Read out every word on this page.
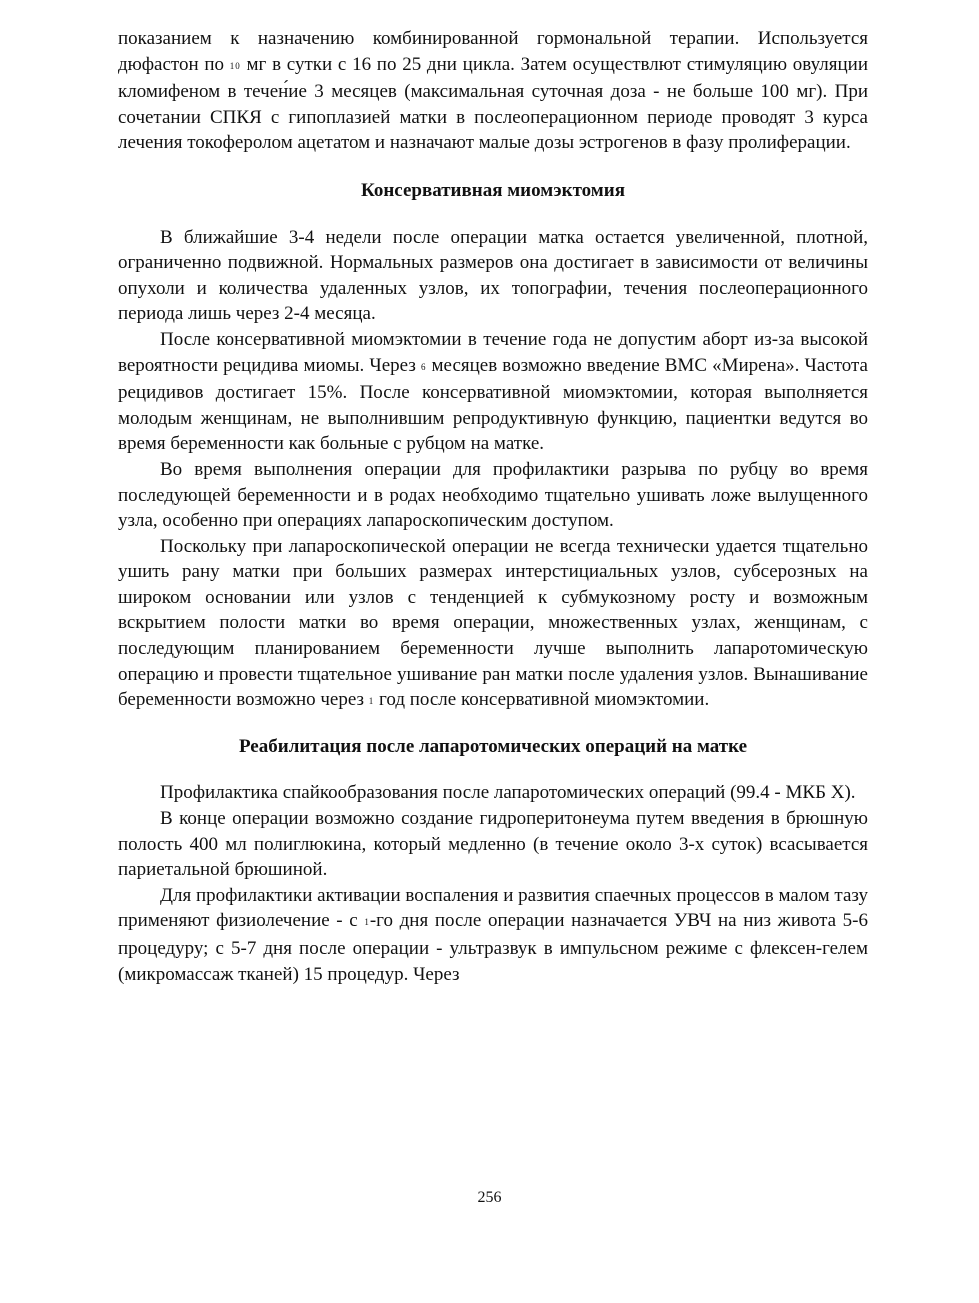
показанием к назначению комбинированной гормональной терапии. Используется дюфастон по 10 мг в сутки с 16 по 25 дни цикла. Затем осуществлют стимуляцию овуляции кломифеном в течен́ие 3 месяцев (максимальная суточная доза - не больше 100 мг). При сочетании СПКЯ с гипоплазией матки в послеоперационном периоде проводят 3 курса лечения токоферолом ацетатом и назначают малые дозы эстрогенов в фазу пролиферации.

Консервативная миомэктомия

В ближайшие 3-4 недели после операции матка остается увеличенной, плотной, ограниченно подвижной. Нормальных размеров она достигает в зависимости от величины опухоли и количества удаленных узлов, их топографии, течения послеоперационного периода лишь через 2-4 месяца.

После консервативной миомэктомии в течение года не допустим аборт из-за высокой вероятности рецидива миомы. Через 6 месяцев возможно введение ВМС «Мирена». Частота рецидивов достигает 15%. После консервативной миомэктомии, которая выполняется молодым женщинам, не выполнившим репродуктивную функцию, пациентки ведутся во время беременности как больные с рубцом на матке.

Во время выполнения операции для профилактики разрыва по рубцу во время последующей беременности и в родах необходимо тщательно ушивать ложе вылущенного узла, особенно при операциях лапароскопическим доступом.

Поскольку при лапароскопической операции не всегда технически удается тщательно ушить рану матки при больших размерах интерстициальных узлов, субсерозных на широком основании или узлов с тенденцией к субмукозному росту и возможным вскрытием полости матки во время операции, множественных узлах, женщинам, с последующим планированием беременности лучше выполнить лапаротомическую операцию и провести тщательное ушивание ран матки после удаления узлов. Вынашивание беременности возможно через 1 год после консервативной миомэктомии.

Реабилитация после лапаротомических операций на матке

Профилактика спайкообразования после лапаротомических операций (99.4 - МКБ X).

В конце операции возможно создание гидроперитонеума путем введения в брюшную полость 400 мл полиглюкина, который медленно (в течение около 3-х суток) всасывается париетальной брюшиной.

Для профилактики активации воспаления и развития спаечных процессов в малом тазу применяют физиолечение - с 1-го дня после операции назначается УВЧ на низ живота 5-6 процедуру; с 5-7 дня после операции - ультразвук в импульсном режиме с флексен-гелем (микромассаж тканей) 15 процедур. Через

256
